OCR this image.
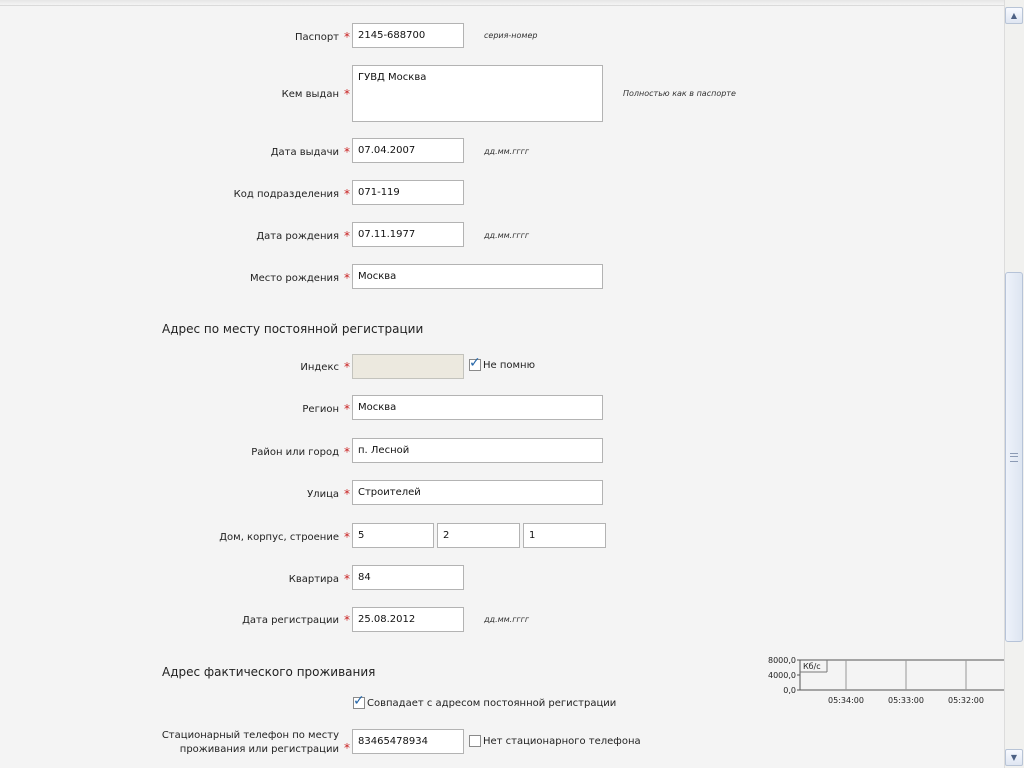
Паспорт * 2145-688700	серия-номер
Кем выдан *
ГУВД Москва
Полностью как в паспорте
Дата выдачи * 07.04.2007	дд.мм.гггг
Код подразделения * 071-119
Дата рождения * 07.11.1977	дд.мм.гггг
Место рождения * Москва
Адрес по месту постоянной регистрации
Индекс *	✓ Не помню
Регион * Москва
Район или город * п. Лесной
Улица * Строителей
Дом, корпус, строение * 5	2	1
Квартира * 84
Дата регистрации * 25.08.2012	дд.мм.гггг
Адрес фактического проживания
✓ Совпадает с адресом постоянной регистрации
Стационарный телефон по месту
проживания или регистрации * 83465478934	Нет стационарного телефона
8000,0
4000,0
0,0
Кб/с
05:34:00	05:33:00	05:32:00
▲
▼
